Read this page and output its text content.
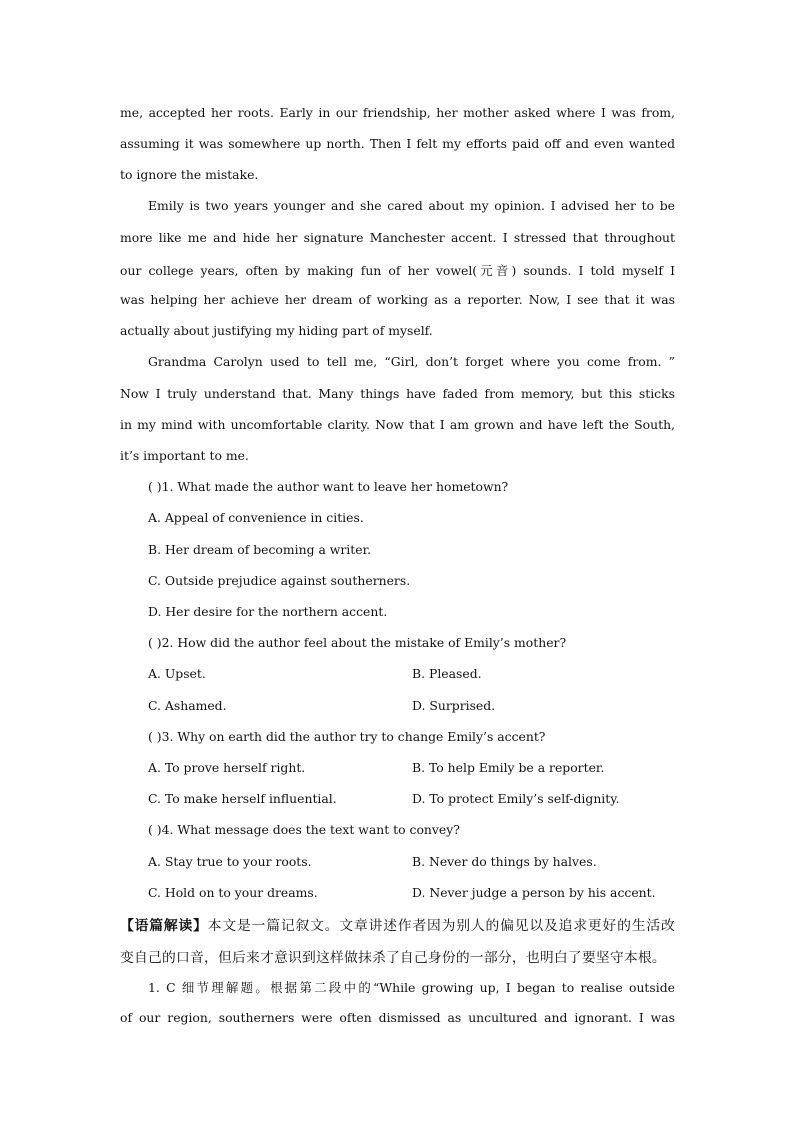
me, accepted her roots. Early in our friendship, her mother asked where I was from,
assuming it was somewhere up north. Then I felt my efforts paid off and even wanted
to ignore the mistake.
Emily is two years younger and she cared about my opinion. I advised her to be
more like me and hide her signature Manchester accent. I stressed that throughout
our college years, often by making fun of her vowel(元音) sounds. I told myself I
was helping her achieve her dream of working as a reporter. Now, I see that it was
actually about justifying my hiding part of myself.
Grandma Carolyn used to tell me, “Girl, don’t forget where you come from. ”
Now I truly understand that. Many things have faded from memory, but this sticks
in my mind with uncomfortable clarity. Now that I am grown and have left the South,
it’s important to me.
( )1. What made the author want to leave her hometown?
A. Appeal of convenience in cities.
B. Her dream of becoming a writer.
C. Outside prejudice against southerners.
D. Her desire for the northern accent.
( )2. How did the author feel about the mistake of Emily’s mother?
A. Upset.	B. Pleased.
C. Ashamed.	D. Surprised.
( )3. Why on earth did the author try to change Emily’s accent?
A. To prove herself right.	B. To help Emily be a reporter.
C. To make herself influential.	D. To protect Emily’s self-dignity.
( )4. What message does the text want to convey?
A. Stay true to your roots.	B. Never do things by halves.
C. Hold on to your dreams.	D. Never judge a person by his accent.
【语篇解读】本文是一篇记叙文。文章讲述作者因为别人的偏见以及追求更好的生活改
变自己的口音，但后来才意识到这样做抹杀了自己身份的一部分，也明白了要坚守本根。
1. C 细节理解题。根据第二段中的“While growing up, I began to realise outside
of our region, southerners were often dismissed as uncultured and ignorant. I was
